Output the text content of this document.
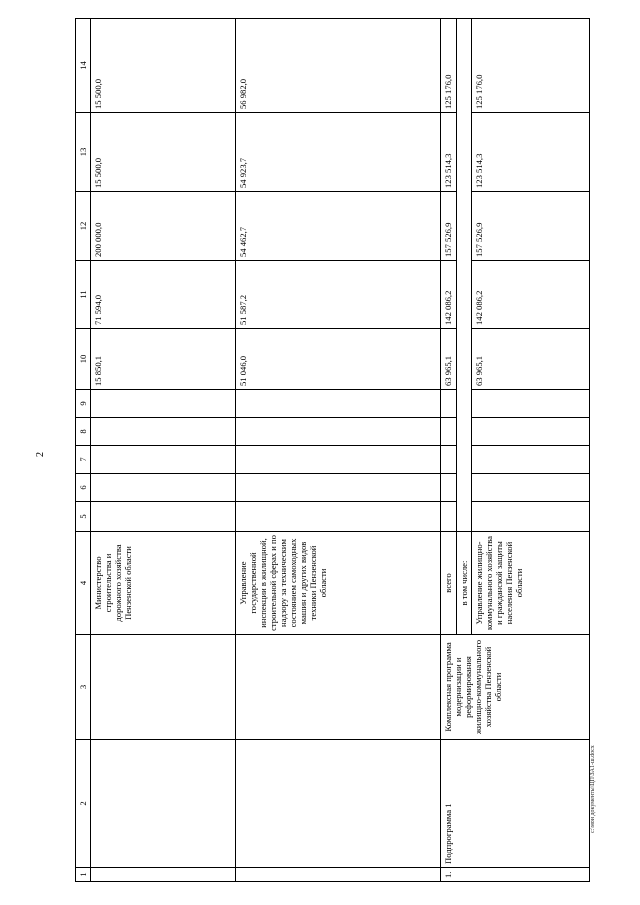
2
c:\мои документы\ЦП\ЗА1-ш.docx
1	2	3	4	5	6	7	8	9	10	11	12	13	14
			Министерство строительства и дорожного хозяйства Пензенской области						15 850,1	71 594,0	200 000,0	15 500,0	15 500,0
			Управление государственной инспекции в жилищной, строительной сферах и по надзору за техническим состоянием самоходных машин и других видов техники Пензенской области						51 046,0	51 587,2	54 462,7	54 923,7	56 982,0
1.	Подпрограмма 1	Комплексная программа модернизации и реформирования жилищно-коммунального хозяйства Пензенской области	всего						63 965,1	142 086,2	157 526,9	123 514,3	125 176,0
			в том числе:										
			Управление жилищно-коммунального хозяйства и гражданской защиты населения Пензенской области						63 965,1	142 086,2	157 526,9	123 514,3	125 176,0
